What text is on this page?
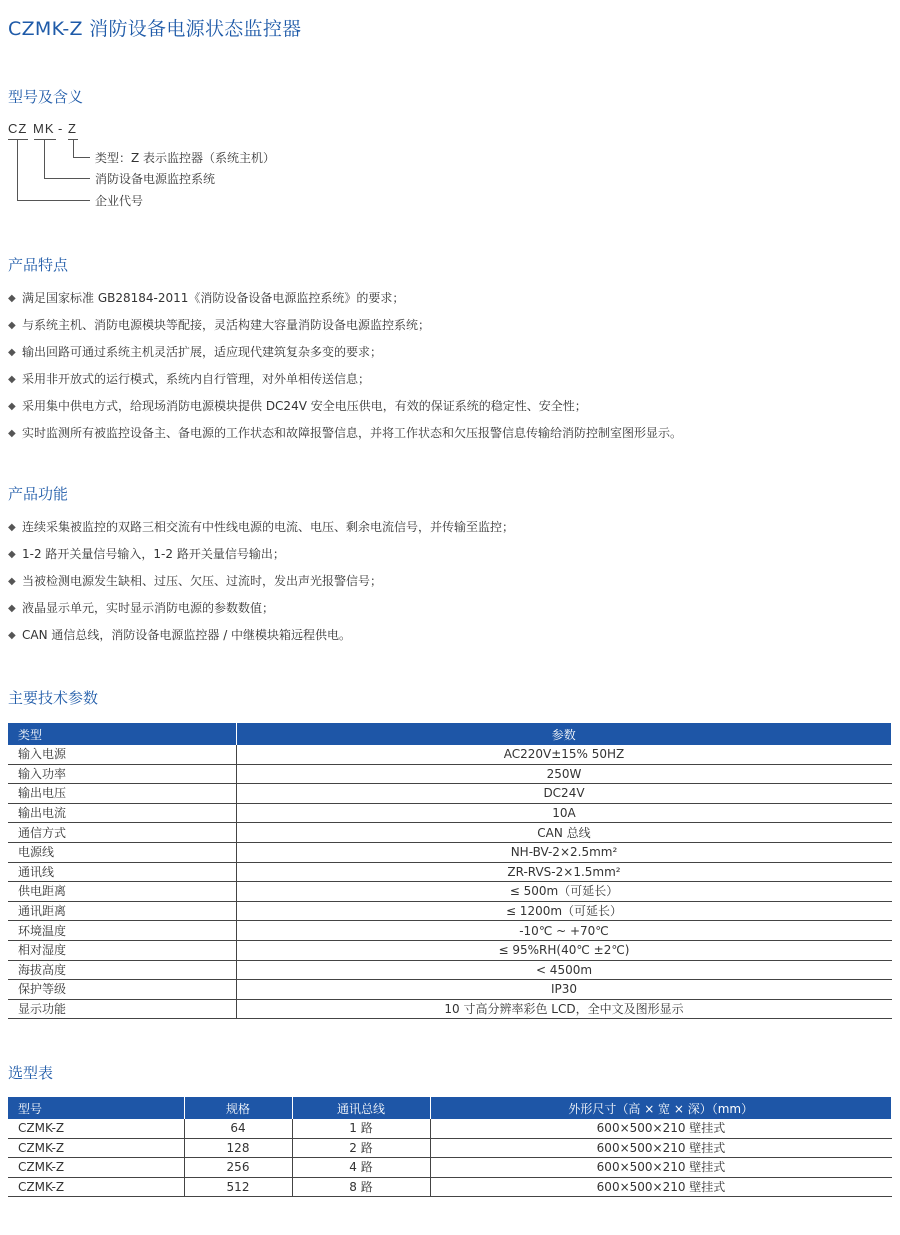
CZMK-Z 消防设备电源状态监控器
型号及含义
CZ MK - Z
类型：Z 表示监控器（系统主机）
消防设备电源监控系统
企业代号
产品特点
◆ 满足国家标准 GB28184-2011《消防设备设备电源监控系统》的要求；
◆ 与系统主机、消防电源模块等配接，灵活构建大容量消防设备电源监控系统；
◆ 输出回路可通过系统主机灵活扩展，适应现代建筑复杂多变的要求；
◆ 采用非开放式的运行模式，系统内自行管理，对外单相传送信息；
◆ 采用集中供电方式，给现场消防电源模块提供 DC24V 安全电压供电，有效的保证系统的稳定性、安全性；
◆ 实时监测所有被监控设备主、备电源的工作状态和故障报警信息，并将工作状态和欠压报警信息传输给消防控制室图形显示。
产品功能
◆ 连续采集被监控的双路三相交流有中性线电源的电流、电压、剩余电流信号，并传输至监控；
◆ 1-2 路开关量信号输入，1-2 路开关量信号输出；
◆ 当被检测电源发生缺相、过压、欠压、过流时，发出声光报警信号；
◆ 液晶显示单元，实时显示消防电源的参数数值；
◆ CAN 通信总线，消防设备电源监控器 / 中继模块箱远程供电。
主要技术参数
类型	参数
输入电源	AC220V±15% 50HZ
输入功率	250W
输出电压	DC24V
输出电流	10A
通信方式	CAN 总线
电源线	NH-BV-2×2.5mm²
通讯线	ZR-RVS-2×1.5mm²
供电距离	≤ 500m（可延长）
通讯距离	≤ 1200m（可延长）
环境温度	-10℃ ~ +70℃
相对湿度	≤ 95%RH(40℃ ±2℃)
海拔高度	< 4500m
保护等级	IP30
显示功能	10 寸高分辨率彩色 LCD，全中文及图形显示
选型表
型号	规格	通讯总线	外形尺寸（高 × 宽 × 深）（mm）
CZMK-Z	64	1 路	600×500×210 壁挂式
CZMK-Z	128	2 路	600×500×210 壁挂式
CZMK-Z	256	4 路	600×500×210 壁挂式
CZMK-Z	512	8 路	600×500×210 壁挂式
